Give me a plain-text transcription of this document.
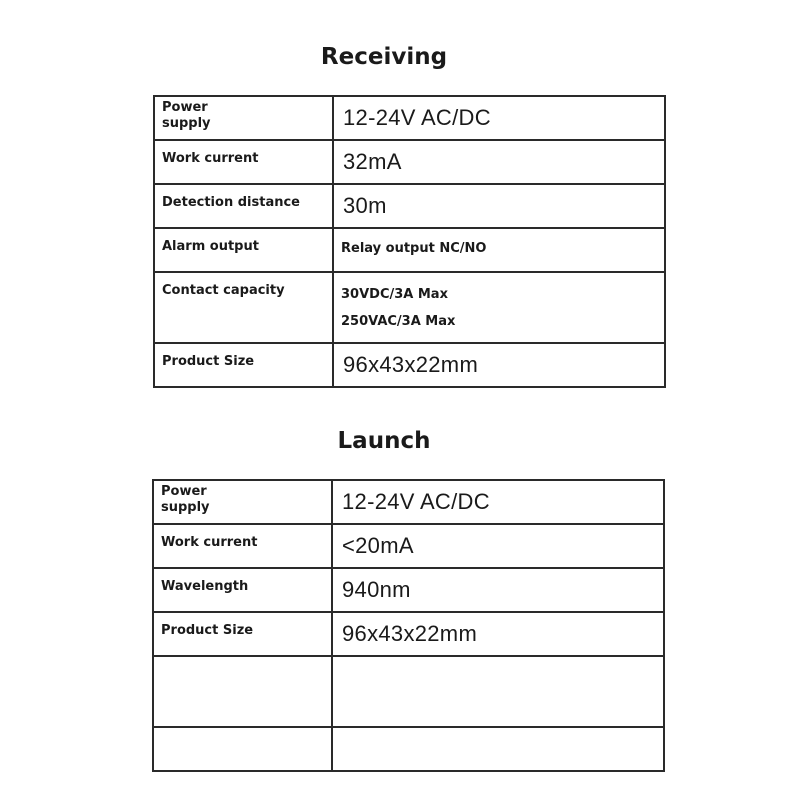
Receiving
Power
supply	12-24V AC/DC

Work current	32mA

Detection distance	30m

Alarm output	Relay output NC/NO

Contact capacity	30VDC/3A Max
250VAC/3A Max

Product Size	96x43x22mm
Launch
Power
supply	12-24V AC/DC

Work current	<20mA

Wavelength	940nm

Product Size	96x43x22mm
